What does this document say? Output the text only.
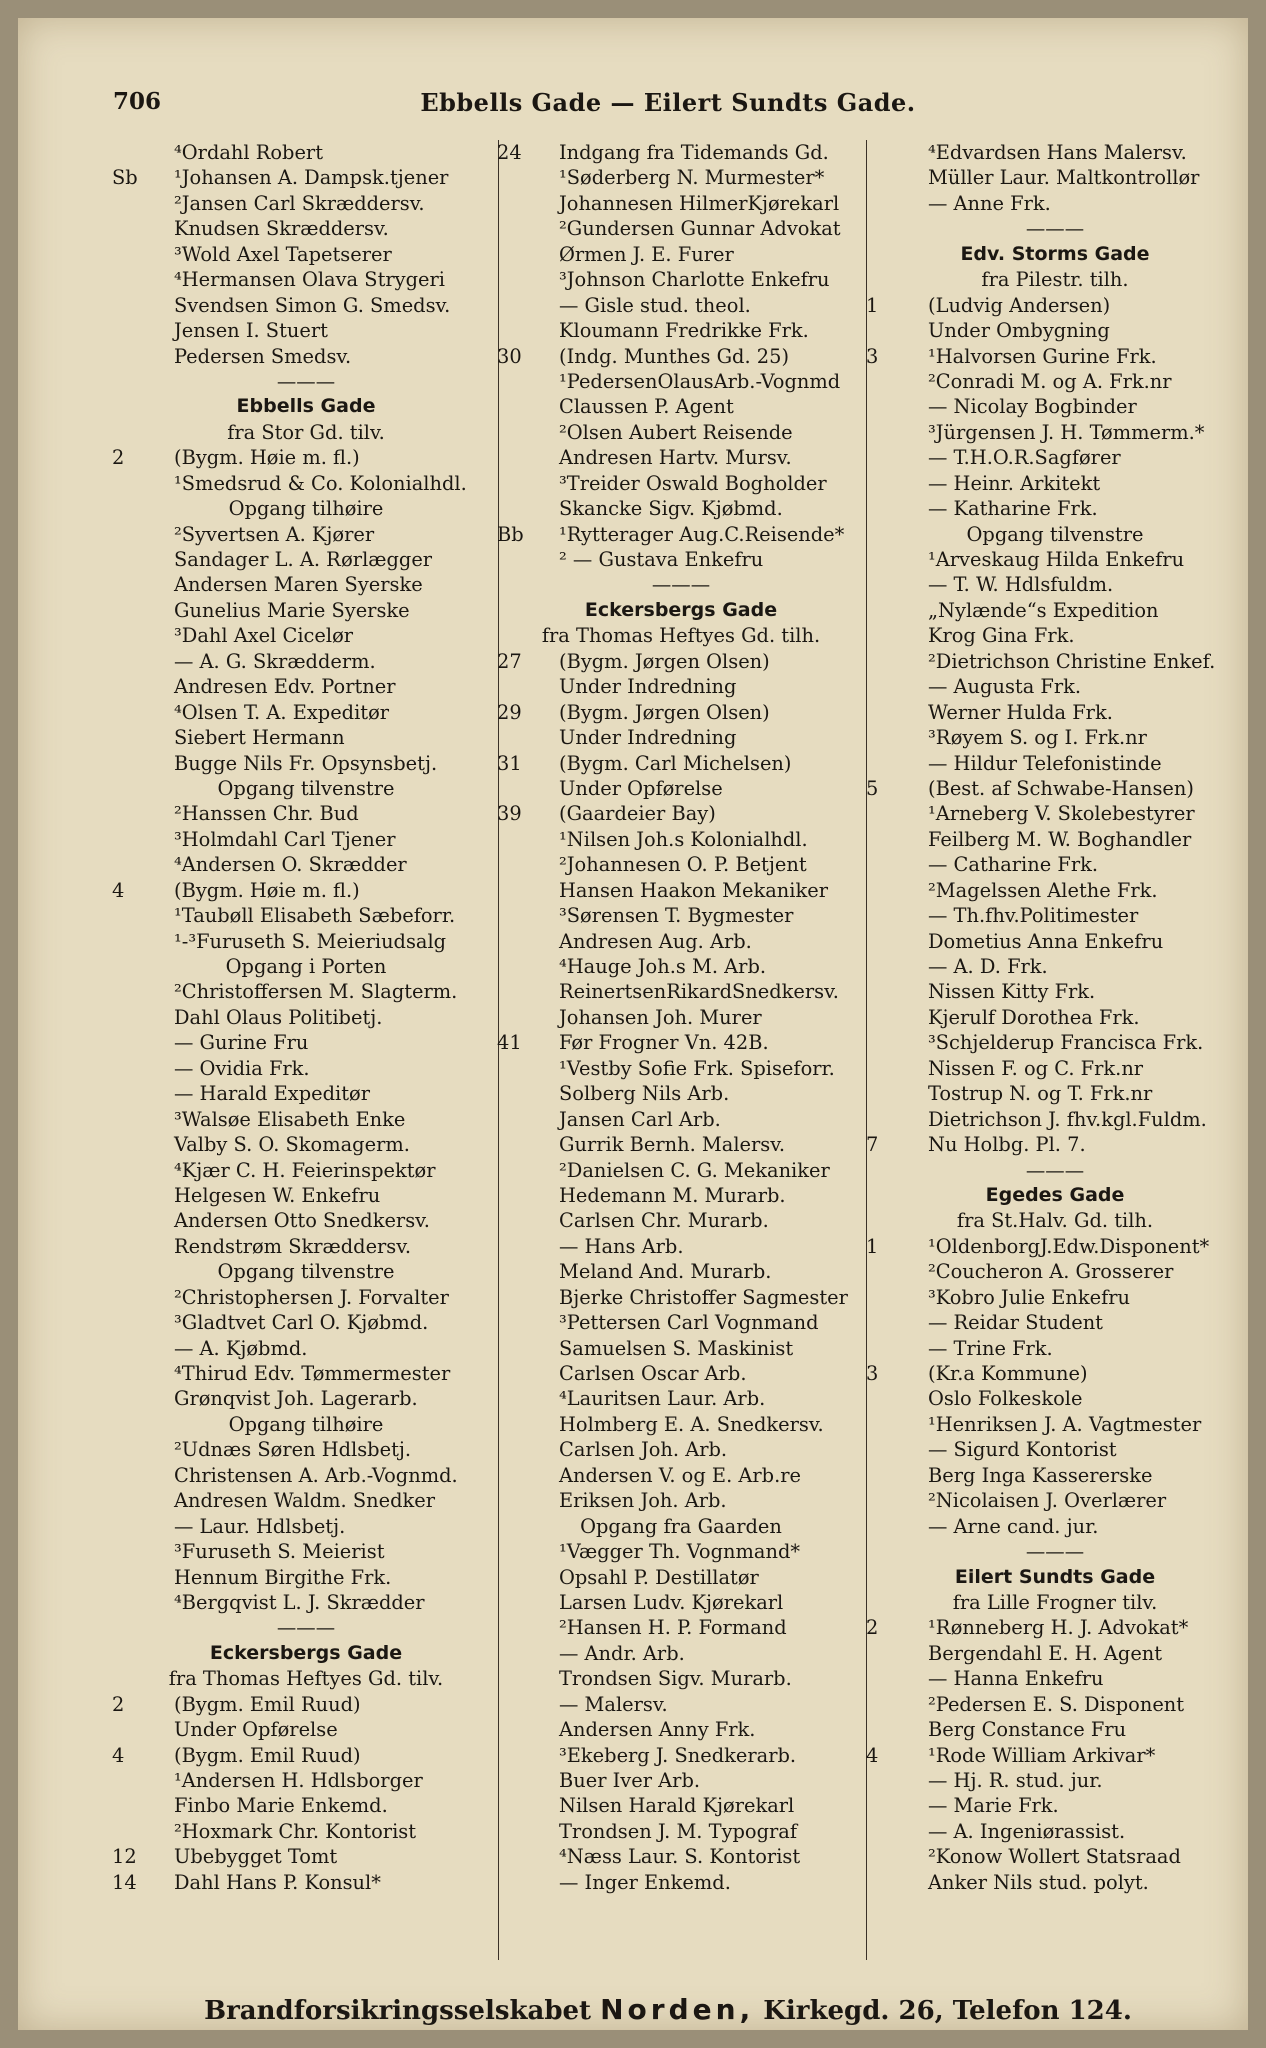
706	Ebbells Gade — Eilert Sundts Gade.
⁴Ordahl Robert
Sb ¹Johansen A. Dampsk.tjener
²Jansen Carl Skræddersv.
Knudsen Skræddersv.
³Wold Axel Tapetserer
⁴Hermansen Olava Strygeri
Svendsen Simon G. Smedsv.
Jensen I. Stuert
Pedersen Smedsv.
———
Ebbells Gade
fra Stor Gd. tilv.
2	(Bygm. Høie m. fl.)
¹Smedsrud & Co. Kolonialhdl.
Opgang tilhøire
²Syvertsen A. Kjører
Sandager L. A. Rørlægger
Andersen Maren Syerske
Gunelius Marie Syerske
³Dahl Axel Cicelør
— A. G. Skrædderm.
Andresen Edv. Portner
⁴Olsen T. A. Expeditør
Siebert Hermann
Bugge Nils Fr. Opsynsbetj.
Opgang tilvenstre
²Hanssen Chr. Bud
³Holmdahl Carl Tjener
⁴Andersen O. Skrædder
4	(Bygm. Høie m. fl.)
¹Taubøll Elisabeth Sæbeforr.
¹-³Furuseth S. Meieriudsalg
Opgang i Porten
²Christoffersen M. Slagterm.
Dahl Olaus Politibetj.
— Gurine Fru
— Ovidia Frk.
— Harald Expeditør
³Walsøe Elisabeth Enke
Valby S. O. Skomagerm.
⁴Kjær C. H. Feierinspektør
Helgesen W. Enkefru
Andersen Otto Snedkersv.
Rendstrøm Skræddersv.
Opgang tilvenstre
²Christophersen J. Forvalter
³Gladtvet Carl O. Kjøbmd.
— A. Kjøbmd.
⁴Thirud Edv. Tømmermester
Grønqvist Joh. Lagerarb.
Opgang tilhøire
²Udnæs Søren Hdlsbetj.
Christensen A. Arb.-Vognmd.
Andresen Waldm. Snedker
— Laur. Hdlsbetj.
³Furuseth S. Meierist
Hennum Birgithe Frk.
⁴Bergqvist L. J. Skrædder
———
Eckersbergs Gade
fra Thomas Heftyes Gd. tilv.
2	(Bygm. Emil Ruud)
Under Opførelse
4	(Bygm. Emil Ruud)
¹Andersen H. Hdlsborger
Finbo Marie Enkemd.
²Hoxmark Chr. Kontorist
12 Ubebygget Tomt
14 Dahl Hans P. Konsul*
24 Indgang fra Tidemands Gd.
¹Søderberg N. Murmester*
Johannesen HilmerKjørekarl
²Gundersen Gunnar Advokat
Ørmen J. E. Furer
³Johnson Charlotte Enkefru
— Gisle stud. theol.
Kloumann Fredrikke Frk.
30 (Indg. Munthes Gd. 25)
¹PedersenOlausArb.-Vognmd
Claussen P. Agent
²Olsen Aubert Reisende
Andresen Hartv. Mursv.
³Treider Oswald Bogholder
Skancke Sigv. Kjøbmd.
Bb ¹Rytterager Aug.C.Reisende*
² — Gustava Enkefru
———
Eckersbergs Gade
fra Thomas Heftyes Gd. tilh.
27 (Bygm. Jørgen Olsen)
Under Indredning
29 (Bygm. Jørgen Olsen)
Under Indredning
31 (Bygm. Carl Michelsen)
Under Opførelse
39 (Gaardeier Bay)
¹Nilsen Joh.s Kolonialhdl.
²Johannesen O. P. Betjent
Hansen Haakon Mekaniker
³Sørensen T. Bygmester
Andresen Aug. Arb.
⁴Hauge Joh.s M. Arb.
ReinertsenRikardSnedkersv.
Johansen Joh. Murer
41 Før Frogner Vn. 42B.
¹Vestby Sofie Frk. Spiseforr.
Solberg Nils Arb.
Jansen Carl Arb.
Gurrik Bernh. Malersv.
²Danielsen C. G. Mekaniker
Hedemann M. Murarb.
Carlsen Chr. Murarb.
— Hans Arb.
Meland And. Murarb.
Bjerke Christoffer Sagmester
³Pettersen Carl Vognmand
Samuelsen S. Maskinist
Carlsen Oscar Arb.
⁴Lauritsen Laur. Arb.
Holmberg E. A. Snedkersv.
Carlsen Joh. Arb.
Andersen V. og E. Arb.re
Eriksen Joh. Arb.
Opgang fra Gaarden
¹Vægger Th. Vognmand*
Opsahl P. Destillatør
Larsen Ludv. Kjørekarl
²Hansen H. P. Formand
— Andr. Arb.
Trondsen Sigv. Murarb.
— Malersv.
Andersen Anny Frk.
³Ekeberg J. Snedkerarb.
Buer Iver Arb.
Nilsen Harald Kjørekarl
Trondsen J. M. Typograf
⁴Næss Laur. S. Kontorist
— Inger Enkemd.
⁴Edvardsen Hans Malersv.
Müller Laur. Maltkontrollør
— Anne Frk.
———
Edv. Storms Gade
fra Pilestr. tilh.
1	(Ludvig Andersen)
Under Ombygning
3	¹Halvorsen Gurine Frk.
²Conradi M. og A. Frk.nr
— Nicolay Bogbinder
³Jürgensen J. H. Tømmerm.*
— T.H.O.R.Sagfører
— Heinr. Arkitekt
— Katharine Frk.
Opgang tilvenstre
¹Arveskaug Hilda Enkefru
— T. W. Hdlsfuldm.
„Nylænde“s Expedition
Krog Gina Frk.
²Dietrichson Christine Enkef.
— Augusta Frk.
Werner Hulda Frk.
³Røyem S. og I. Frk.nr
— Hildur Telefonistinde
5	(Best. af Schwabe-Hansen)
¹Arneberg V. Skolebestyrer
Feilberg M. W. Boghandler
— Catharine Frk.
²Magelssen Alethe Frk.
— Th.fhv.Politimester
Dometius Anna Enkefru
— A. D. Frk.
Nissen Kitty Frk.
Kjerulf Dorothea Frk.
³Schjelderup Francisca Frk.
Nissen F. og C. Frk.nr
Tostrup N. og T. Frk.nr
Dietrichson J. fhv.kgl.Fuldm.
7	Nu Holbg. Pl. 7.
———
Egedes Gade
fra St.Halv. Gd. tilh.
1	¹OldenborgJ.Edw.Disponent*
²Coucheron A. Grosserer
³Kobro Julie Enkefru
— Reidar Student
— Trine Frk.
3	(Kr.a Kommune)
Oslo Folkeskole
¹Henriksen J. A. Vagtmester
— Sigurd Kontorist
Berg Inga Kassererske
²Nicolaisen J. Overlærer
— Arne cand. jur.
———
Eilert Sundts Gade
fra Lille Frogner tilv.
2	¹Rønneberg H. J. Advokat*
Bergendahl E. H. Agent
— Hanna Enkefru
²Pedersen E. S. Disponent
Berg Constance Fru
4	¹Rode William Arkivar*
— Hj. R. stud. jur.
— Marie Frk.
— A. Ingeniørassist.
²Konow Wollert Statsraad
Anker Nils stud. polyt.
Brandforsikringsselskabet Norden, Kirkegd. 26, Telefon 124.
